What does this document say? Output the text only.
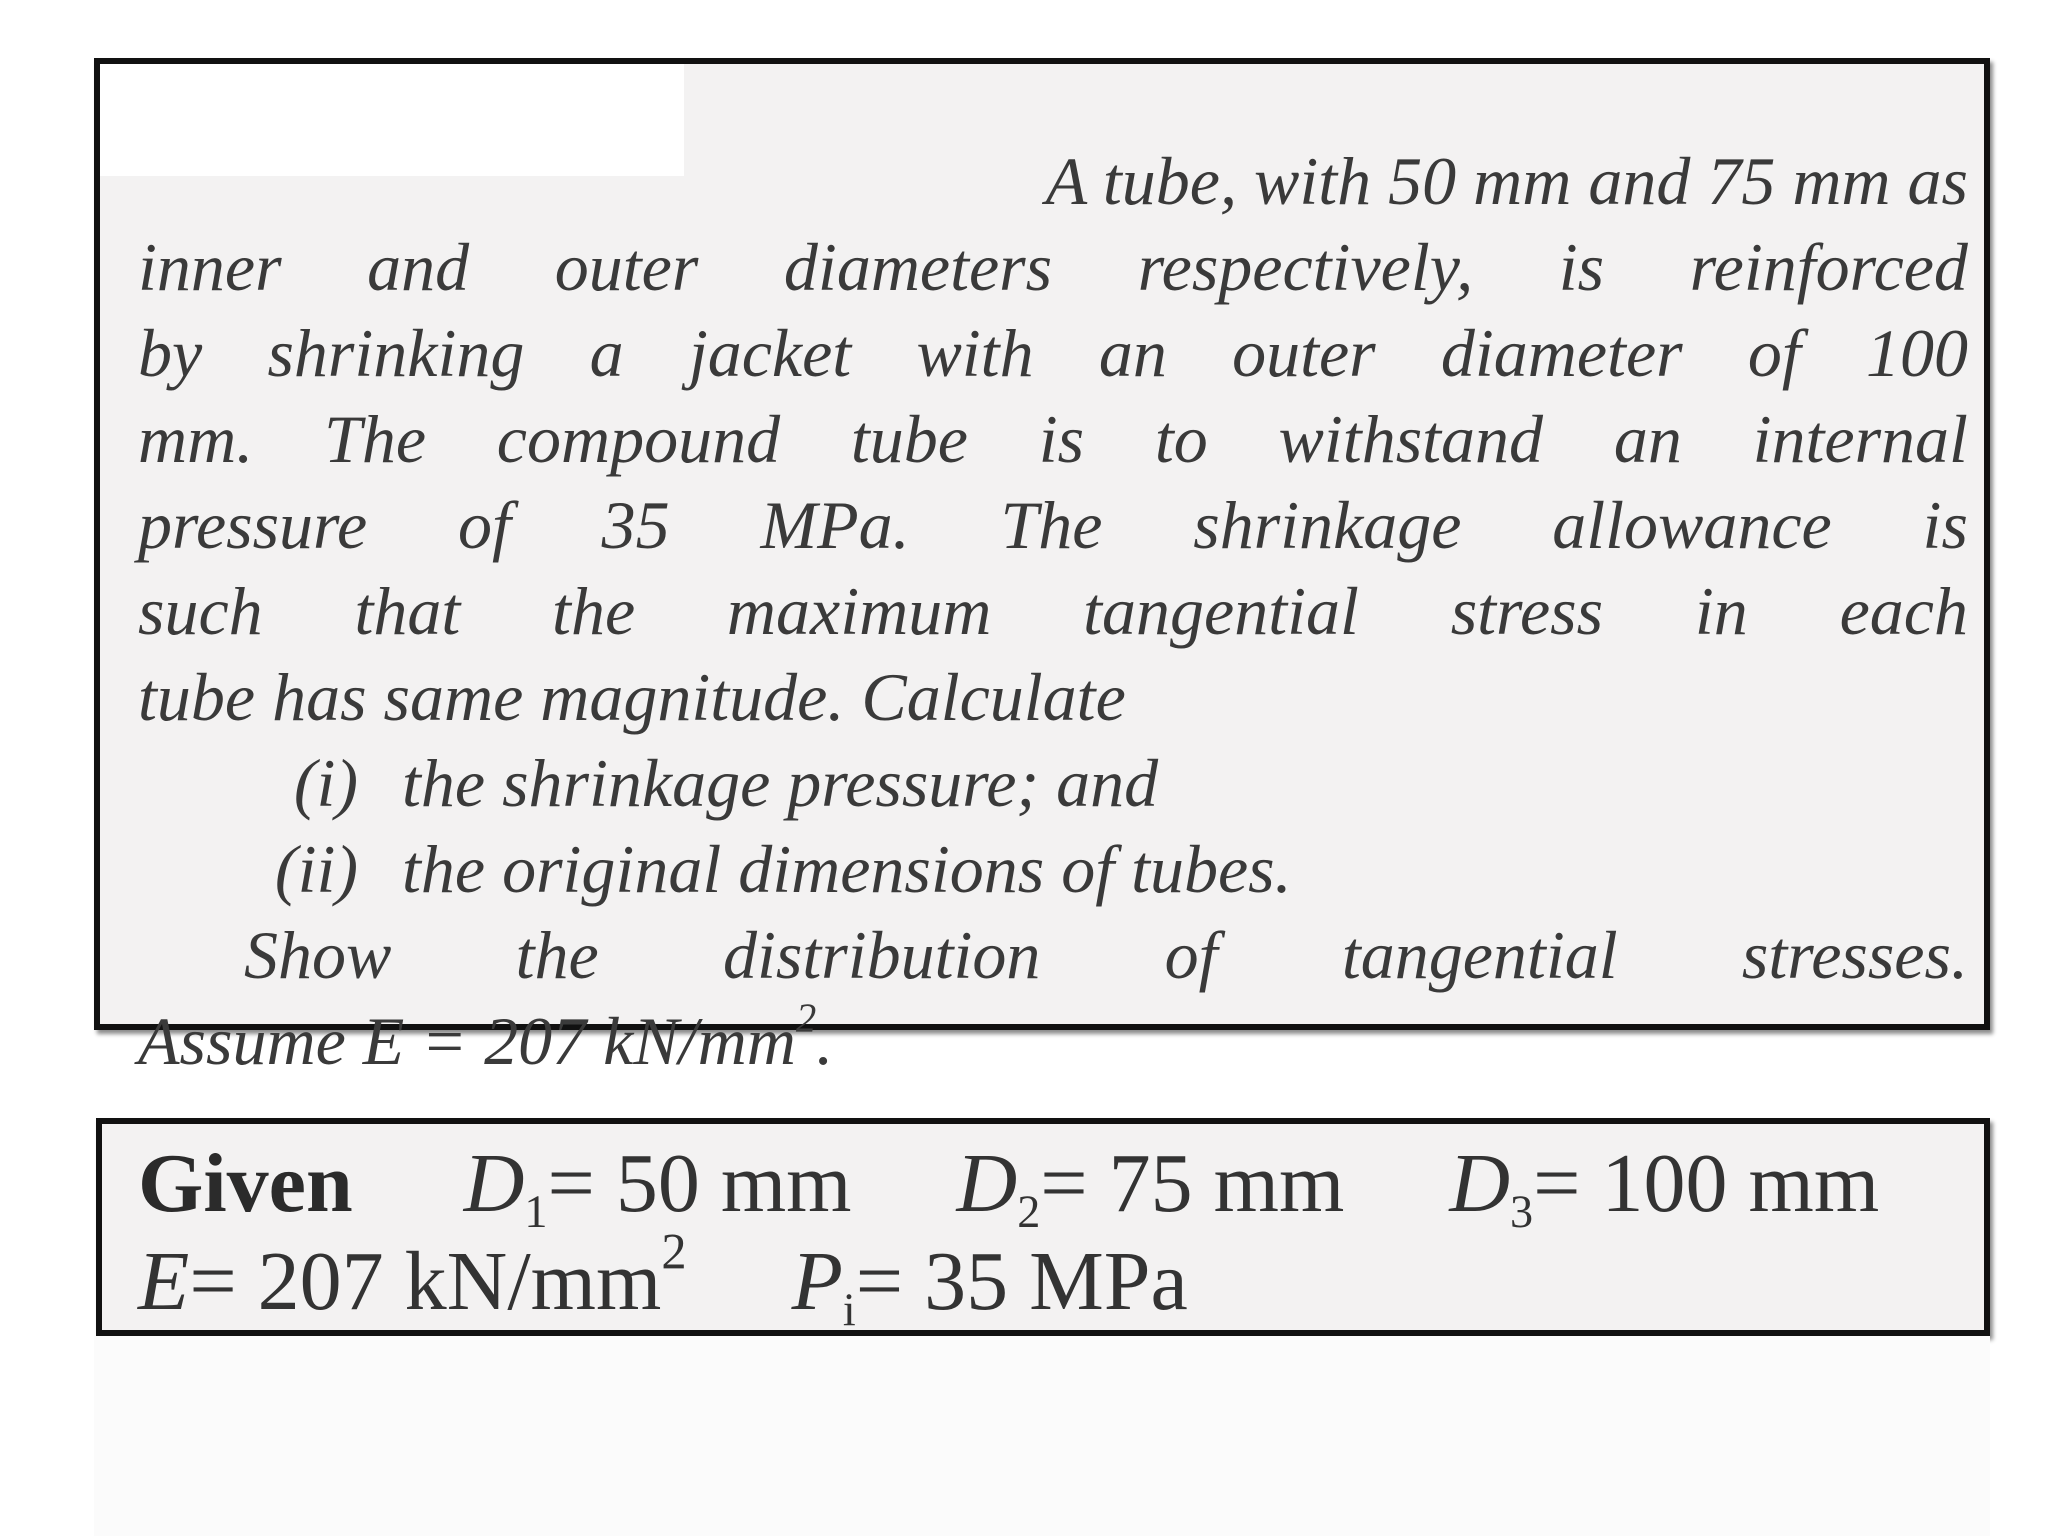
A tube, with 50 mm and 75 mm as
inner and outer diameters respectively, is reinforced
by shrinking a jacket with an outer diameter of 100
mm. The compound tube is to withstand an internal
pressure of 35 MPa. The shrinkage allowance is
such that the maximum tangential stress in each
tube has same magnitude. Calculate
(i) the shrinkage pressure; and
(ii) the original dimensions of tubes.
Show the distribution of tangential stresses.
Assume E = 207 $kN/mm^2$.
Given $D_1= 50$ mm $D_2= 75$ mm $D_3= 100$ mm
E= 207 $kN/mm^2$ $P_i= 35$ MPa
